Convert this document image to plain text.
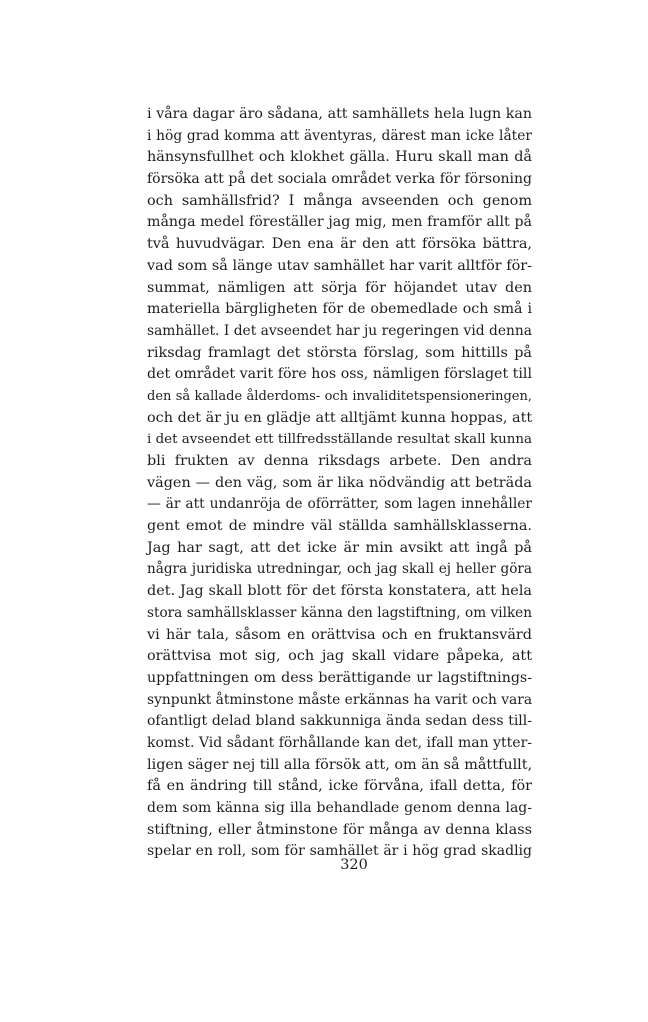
i våra dagar äro sådana, att samhällets hela lugn kan
i hög grad komma att äventyras, därest man icke låter
hänsynsfullhet och klokhet gälla. Huru skall man då
försöka att på det sociala området verka för försoning
och samhällsfrid? I många avseenden och genom
många medel föreställer jag mig, men framför allt på
två huvudvägar. Den ena är den att försöka bättra,
vad som så länge utav samhället har varit alltför för-
summat, nämligen att sörja för höjandet utav den
materiella bärgligheten för de obemedlade och små i
samhället. I det avseendet har ju regeringen vid denna
riksdag framlagt det största förslag, som hittills på
det området varit före hos oss, nämligen förslaget till
den så kallade ålderdoms- och invaliditetspensioneringen,
och det är ju en glädje att alltjämt kunna hoppas, att
i det avseendet ett tillfredsställande resultat skall kunna
bli frukten av denna riksdags arbete. Den andra
vägen — den väg, som är lika nödvändig att beträda
— är att undanröja de oförrätter, som lagen innehåller
gent emot de mindre väl ställda samhällsklasserna.
Jag har sagt, att det icke är min avsikt att ingå på
några juridiska utredningar, och jag skall ej heller göra
det. Jag skall blott för det första konstatera, att hela
stora samhällsklasser känna den lagstiftning, om vilken
vi här tala, såsom en orättvisa och en fruktansvärd
orättvisa mot sig, och jag skall vidare påpeka, att
uppfattningen om dess berättigande ur lagstiftnings-
synpunkt åtminstone måste erkännas ha varit och vara
ofantligt delad bland sakkunniga ända sedan dess till-
komst. Vid sådant förhållande kan det, ifall man ytter-
ligen säger nej till alla försök att, om än så måttfullt,
få en ändring till stånd, icke förvåna, ifall detta, för
dem som känna sig illa behandlade genom denna lag-
stiftning, eller åtminstone för många av denna klass
spelar en roll, som för samhället är i hög grad skadlig
320
